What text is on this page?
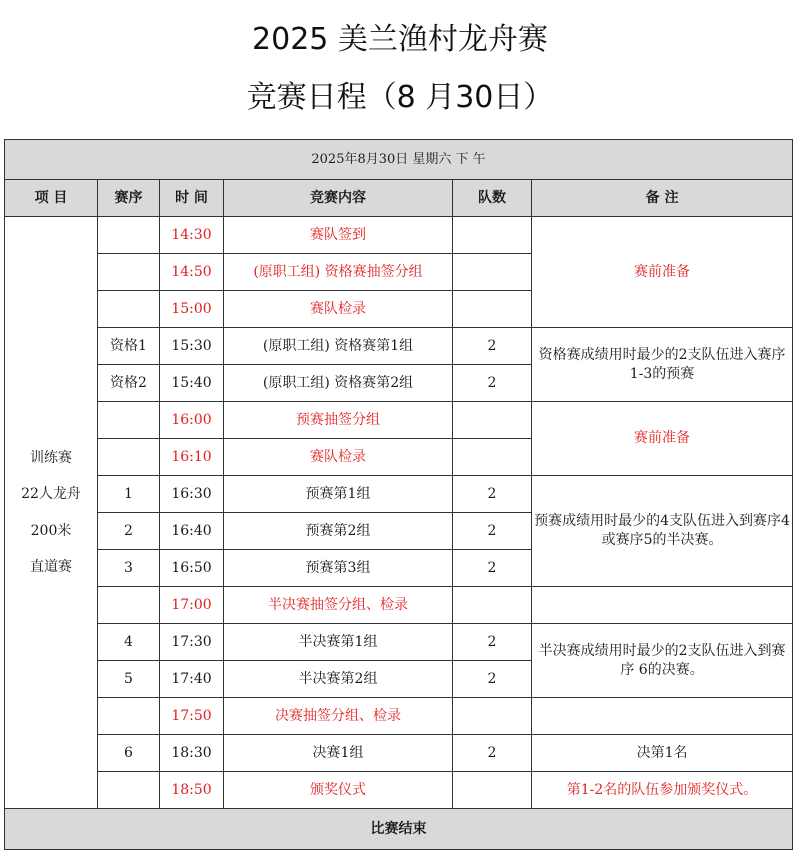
2025 美兰渔村龙舟赛
竞赛日程（8 月30日）
2025年8月30日 星期六 下 午					
项 目	赛序	时 间	竞赛内容	队数	备 注

训练赛
22人龙舟
200米
直道赛		14:30	赛队签到		赛前准备
		14:50	(原职工组) 资格赛抽签分组		
		15:00	赛队检录		
	资格1	15:30	(原职工组) 资格赛第1组	2	资格赛成绩用时最少的2支队伍进入赛序1-3的预赛
	资格2	15:40	(原职工组) 资格赛第2组	2	
		16:00	预赛抽签分组		赛前准备
		16:10	赛队检录		
	1	16:30	预赛第1组	2	预赛成绩用时最少的4支队伍进入到赛序4或赛序5的半决赛。
	2	16:40	预赛第2组	2	
	3	16:50	预赛第3组	2	
		17:00	半决赛抽签分组、检录		
	4	17:30	半决赛第1组	2	半决赛成绩用时最少的2支队伍进入到赛序 6的决赛。
	5	17:40	半决赛第2组	2	
		17:50	决赛抽签分组、检录		
	6	18:30	决赛1组	2	决第1名
		18:50	颁奖仪式		第1-2名的队伍参加颁奖仪式。
比赛结束					
